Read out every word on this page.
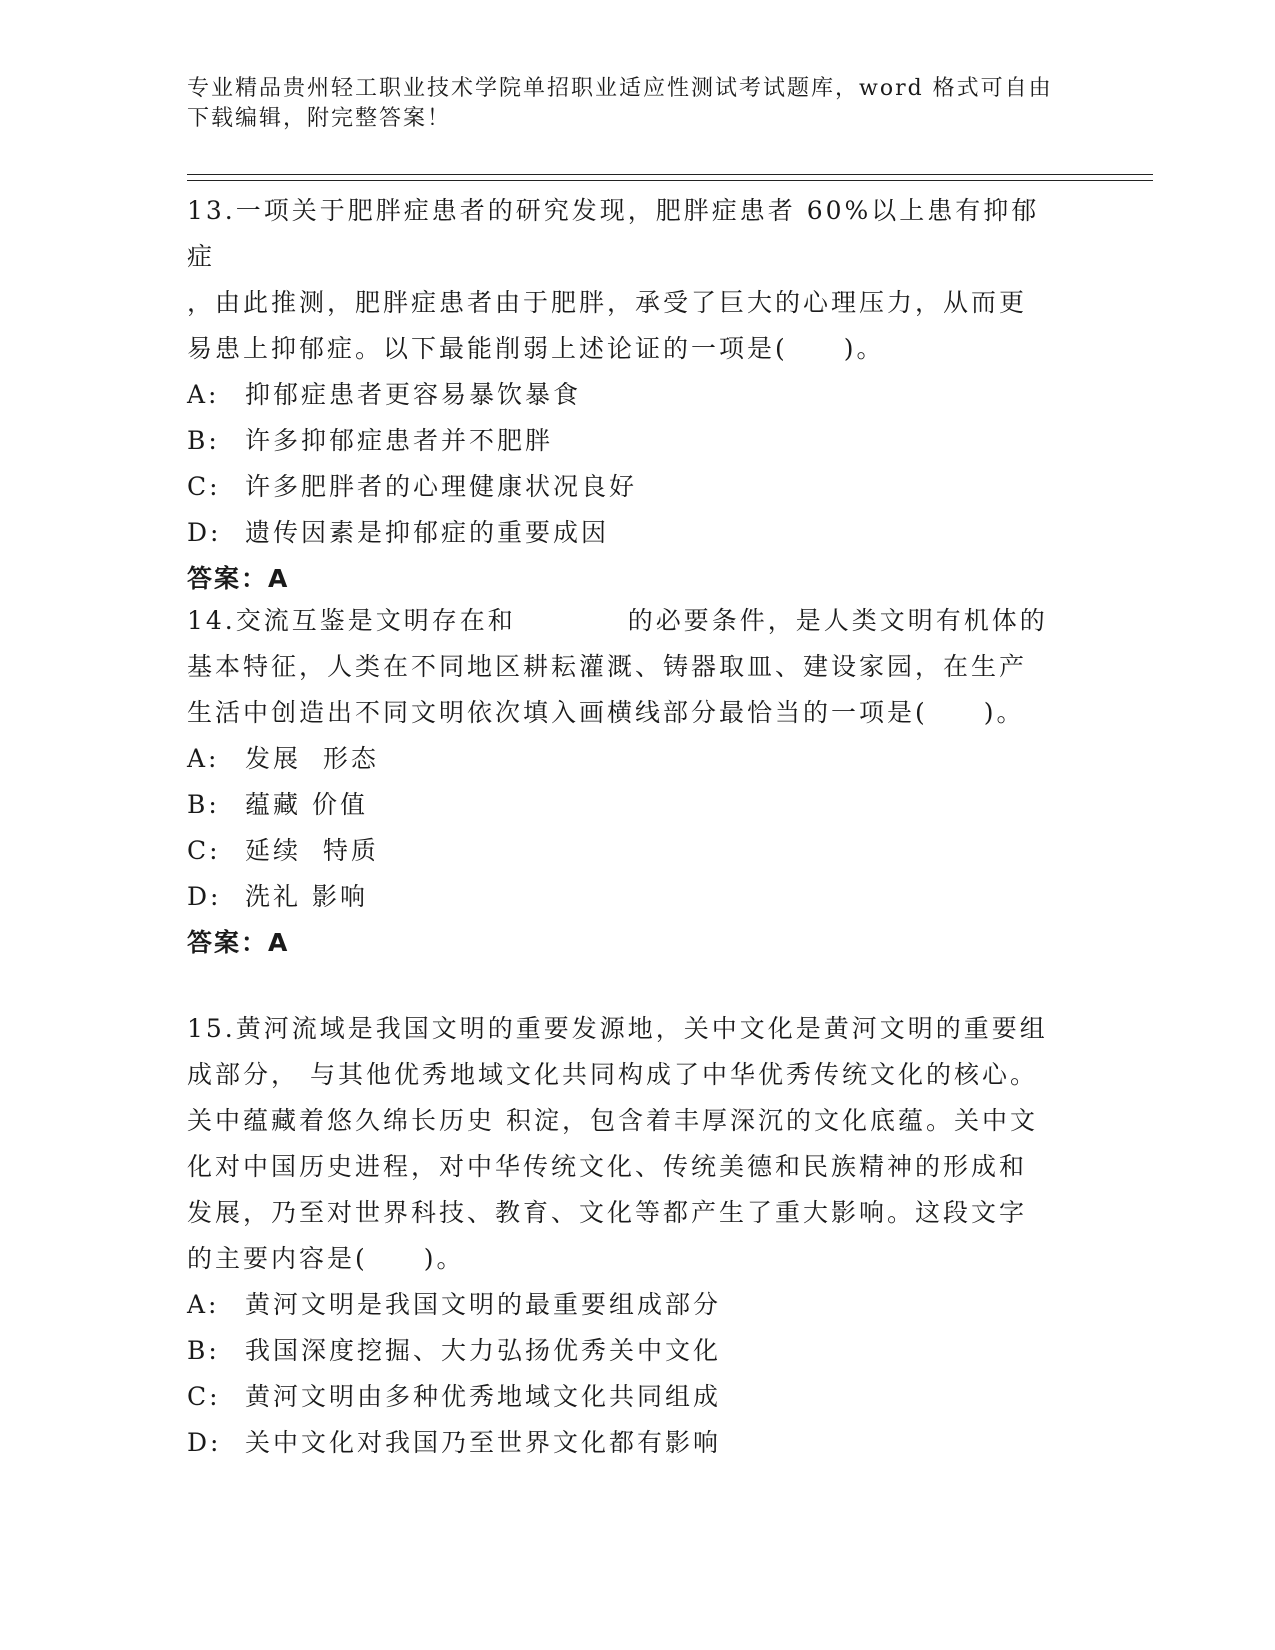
专业精品贵州轻工职业技术学院单招职业适应性测试考试题库，word 格式可自由

下载编辑，附完整答案！

13.一项关于肥胖症患者的研究发现，肥胖症患者 60%以上患有抑郁症

，由此推测，肥胖症患者由于肥胖，承受了巨大的心理压力，从而更

易患上抑郁症。以下最能削弱上述论证的一项是(　　)。

A: 抑郁症患者更容易暴饮暴食

B: 许多抑郁症患者并不肥胖

C: 许多肥胖者的心理健康状况良好

D: 遗传因素是抑郁症的重要成因

答案：A

14.交流互鉴是文明存在和　　　　的必要条件，是人类文明有机体的

基本特征，人类在不同地区耕耘灌溉、铸器取皿、建设家园，在生产

生活中创造出不同文明依次填入画横线部分最恰当的一项是(　　)。

A: 发展  形态

B: 蕴藏 价值

C: 延续  特质

D: 洗礼 影响

答案：A

15.黄河流域是我国文明的重要发源地，关中文化是黄河文明的重要组

成部分， 与其他优秀地域文化共同构成了中华优秀传统文化的核心。

关中蕴藏着悠久绵长历史 积淀，包含着丰厚深沉的文化底蕴。关中文

化对中国历史进程，对中华传统文化、传统美德和民族精神的形成和

发展，乃至对世界科技、教育、文化等都产生了重大影响。这段文字

的主要内容是(　　)。

A: 黄河文明是我国文明的最重要组成部分

B: 我国深度挖掘、大力弘扬优秀关中文化

C: 黄河文明由多种优秀地域文化共同组成

D: 关中文化对我国乃至世界文化都有影响
